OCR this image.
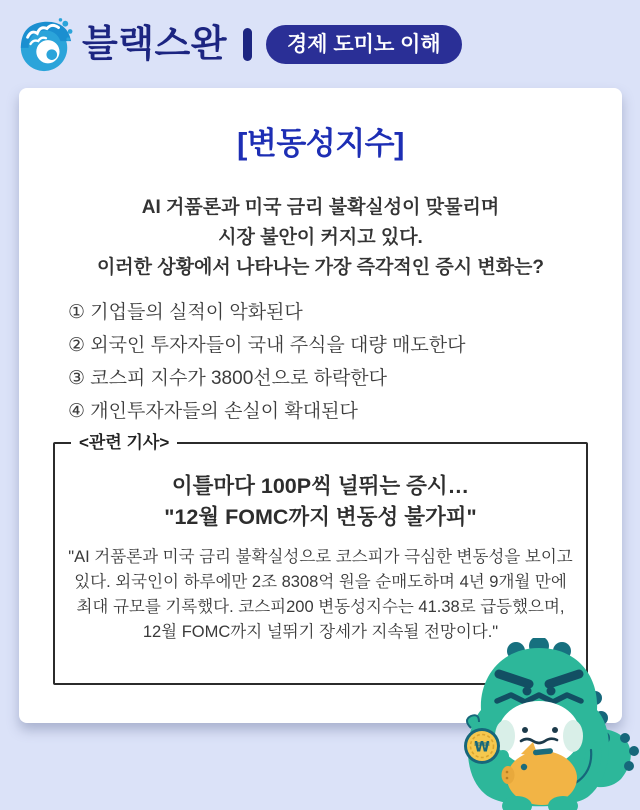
블랙스완	경제 도미노 이해
[변동성지수]
AI 거품론과 미국 금리 불확실성이 맞물리며
시장 불안이 커지고 있다.
이러한 상황에서 나타나는 가장 즉각적인 증시 변화는?
① 기업들의 실적이 악화된다
② 외국인 투자자들이 국내 주식을 대량 매도한다
③ 코스피 지수가 3800선으로 하락한다
④ 개인투자자들의 손실이 확대된다
<관련 기사>
이틀마다 100P씩 널뛰는 증시…
"12월 FOMC까지 변동성 불가피"
"AI 거품론과 미국 금리 불확실성으로 코스피가 극심한 변동성을 보이고 있다. 외국인이 하루에만 2조 8308억 원을 순매도하며 4년 9개월 만에 최대 규모를 기록했다. 코스피200 변동성지수는 41.38로 급등했으며, 12월 FOMC까지 널뛰기 장세가 지속될 전망이다."
₩
